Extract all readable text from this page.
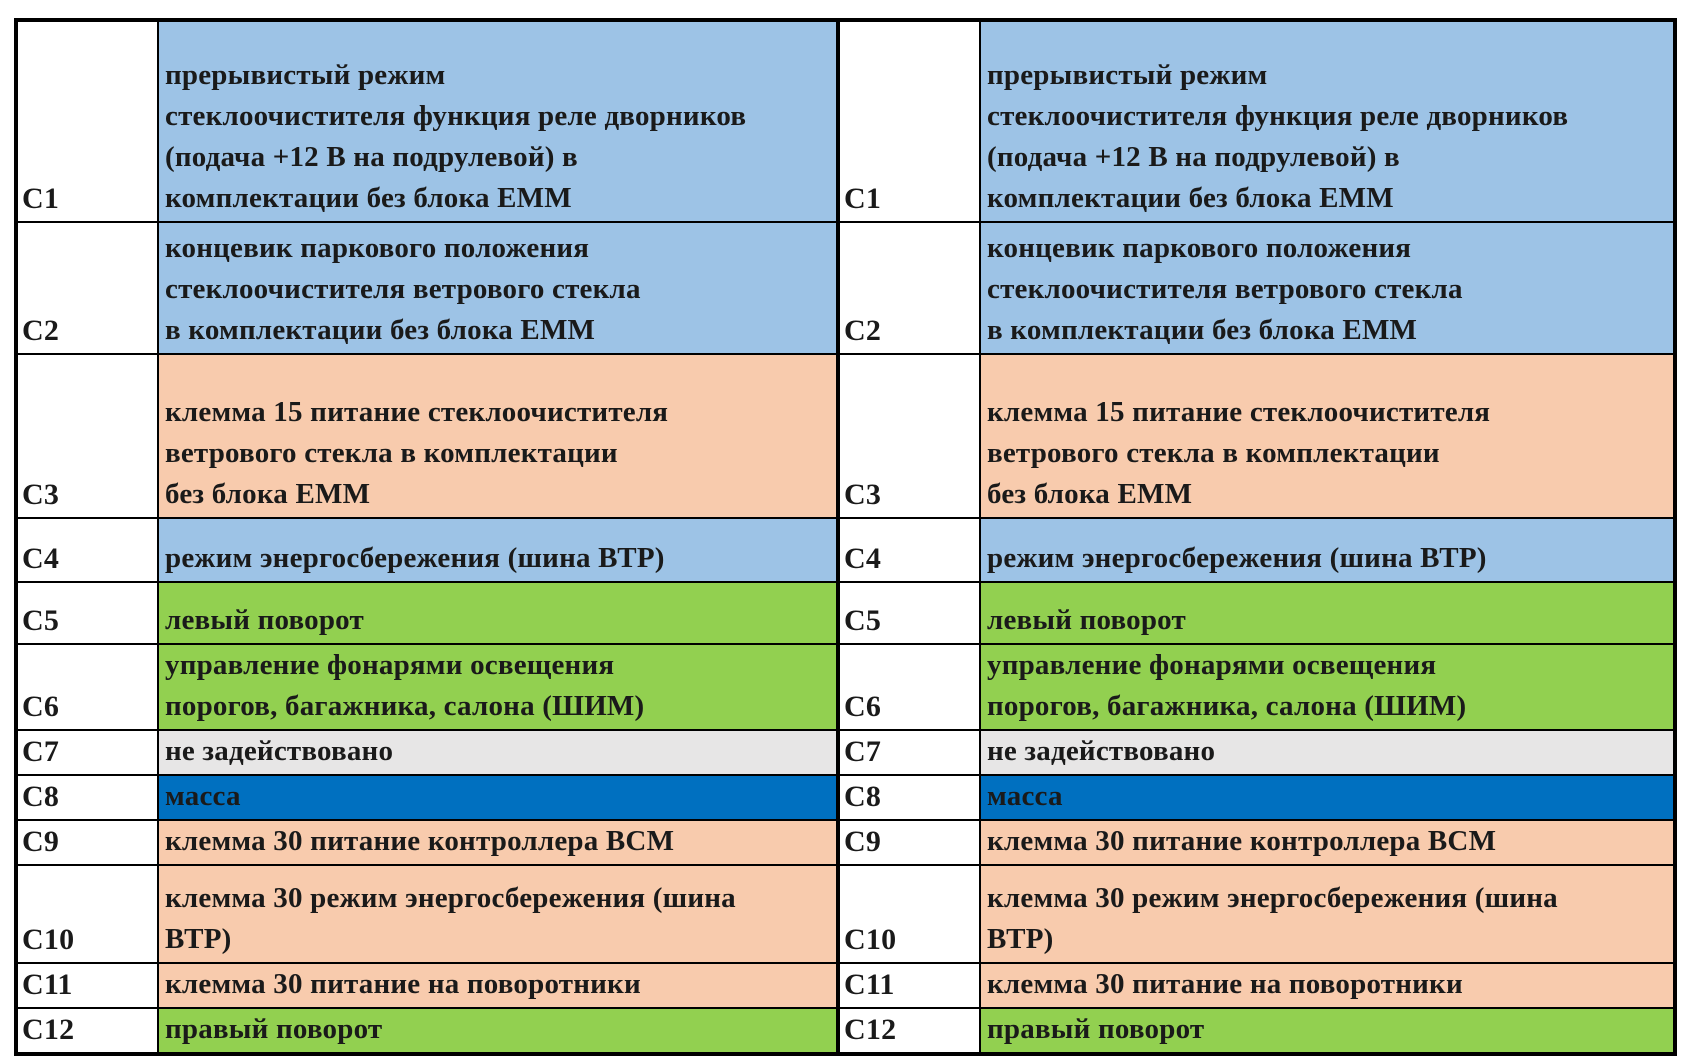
C1	прерывистый режим
стеклоочистителя функция реле дворников
(подача +12 В на подрулевой) в
комплектации без блока ЕММ	C1	прерывистый режим
стеклоочистителя функция реле дворников
(подача +12 В на подрулевой) в
комплектации без блока ЕММ
C2	концевик паркового положения
стеклоочистителя ветрового стекла
в комплектации без блока ЕММ	C2	концевик паркового положения
стеклоочистителя ветрового стекла
в комплектации без блока ЕММ
C3	клемма 15 питание стеклоочистителя
ветрового стекла в комплектации
без блока ЕММ	C3	клемма 15 питание стеклоочистителя
ветрового стекла в комплектации
без блока ЕММ
C4	режим энергосбережения (шина ВТР)	C4	режим энергосбережения (шина ВТР)
C5	левый поворот	C5	левый поворот
C6	управление фонарями освещения
порогов, багажника, салона (ШИМ)	C6	управление фонарями освещения
порогов, багажника, салона (ШИМ)
C7	не задействовано	C7	не задействовано
C8	масса	C8	масса
C9	клемма 30 питание контроллера ВСМ	C9	клемма 30 питание контроллера ВСМ
C10	клемма 30 режим энергосбережения (шина
ВТР)	C10	клемма 30 режим энергосбережения (шина
ВТР)
C11	клемма 30 питание на поворотники	C11	клемма 30 питание на поворотники
C12	правый поворот	C12	правый поворот
